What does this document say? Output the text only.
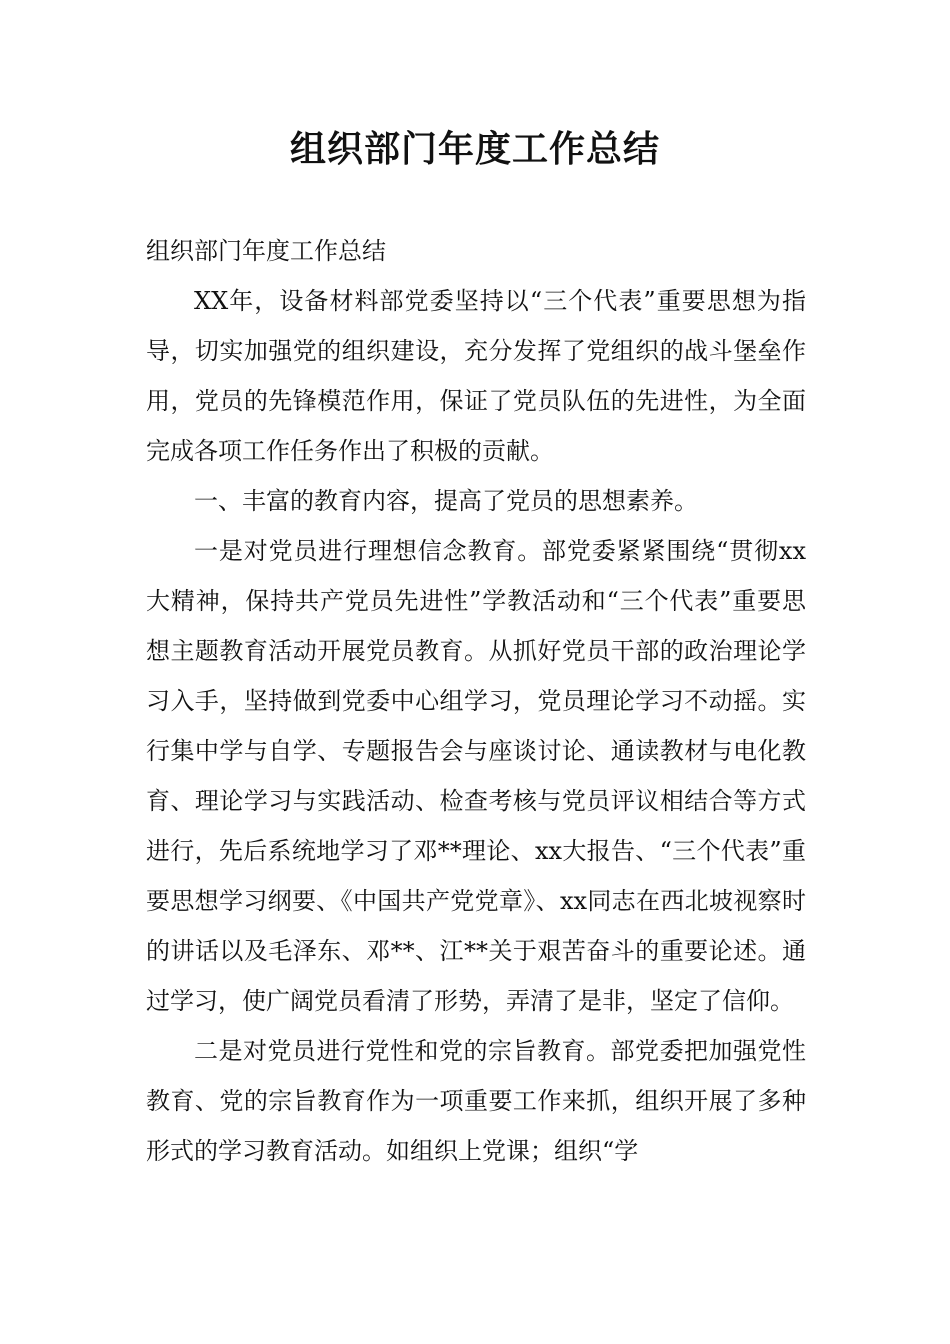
组织部门年度工作总结

组织部门年度工作总结

XX年，设备材料部党委坚持以“三个代表”重要思想为指导，切实加强党的组织建设，充分发挥了党组织的战斗堡垒作用，党员的先锋模范作用，保证了党员队伍的先进性，为全面完成各项工作任务作出了积极的贡献。

一、丰富的教育内容，提高了党员的思想素养。

一是对党员进行理想信念教育。部党委紧紧围绕“贯彻xx大精神，保持共产党员先进性”学教活动和“三个代表”重要思想主题教育活动开展党员教育。从抓好党员干部的政治理论学习入手，坚持做到党委中心组学习，党员理论学习不动摇。实行集中学与自学、专题报告会与座谈讨论、通读教材与电化教育、理论学习与实践活动、检查考核与党员评议相结合等方式进行，先后系统地学习了邓**理论、xx大报告、“三个代表”重要思想学习纲要、《中国共产党党章》、xx同志在西北坡视察时的讲话以及毛泽东、邓**、江**关于艰苦奋斗的重要论述。通过学习，使广阔党员看清了形势，弄清了是非，坚定了信仰。

二是对党员进行党性和党的宗旨教育。部党委把加强党性教育、党的宗旨教育作为一项重要工作来抓，组织开展了多种形式的学习教育活动。如组织上党课；组织“学
